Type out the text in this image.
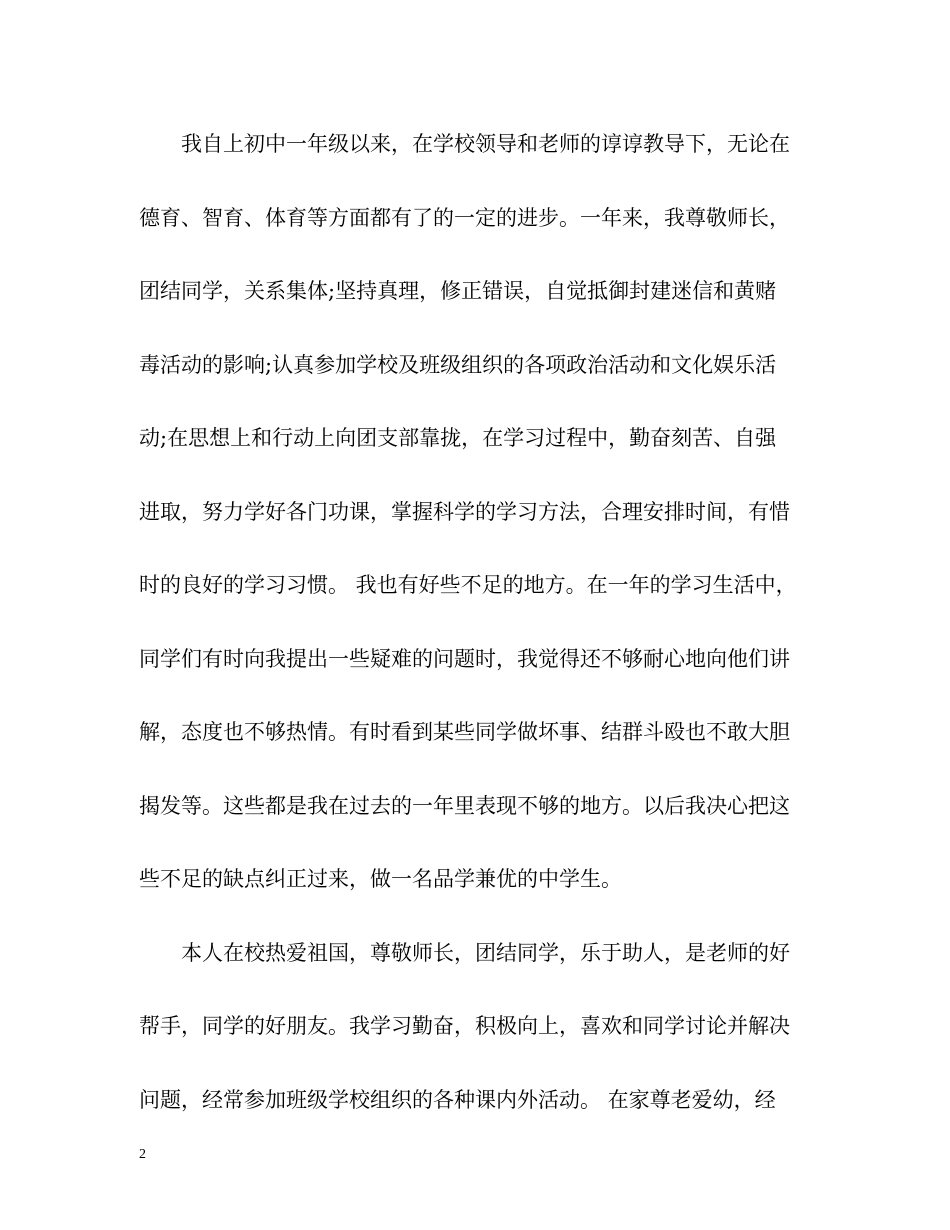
我自上初中一年级以来，在学校领导和老师的谆谆教导下，无论在
德育、智育、体育等方面都有了的一定的进步。一年来，我尊敬师长，
团结同学，关系集体;坚持真理，修正错误，自觉抵御封建迷信和黄赌
毒活动的影响;认真参加学校及班级组织的各项政治活动和文化娱乐活
动;在思想上和行动上向团支部靠拢，在学习过程中，勤奋刻苦、自强
进取，努力学好各门功课，掌握科学的学习方法，合理安排时间，有惜
时的良好的学习习惯。 我也有好些不足的地方。在一年的学习生活中，
同学们有时向我提出一些疑难的问题时，我觉得还不够耐心地向他们讲
解，态度也不够热情。有时看到某些同学做坏事、结群斗殴也不敢大胆
揭发等。这些都是我在过去的一年里表现不够的地方。以后我决心把这
些不足的缺点纠正过来，做一名品学兼优的中学生。
本人在校热爱祖国，尊敬师长，团结同学，乐于助人，是老师的好
帮手，同学的好朋友。我学习勤奋，积极向上，喜欢和同学讨论并解决
问题，经常参加班级学校组织的各种课内外活动。 在家尊老爱幼，经
2
